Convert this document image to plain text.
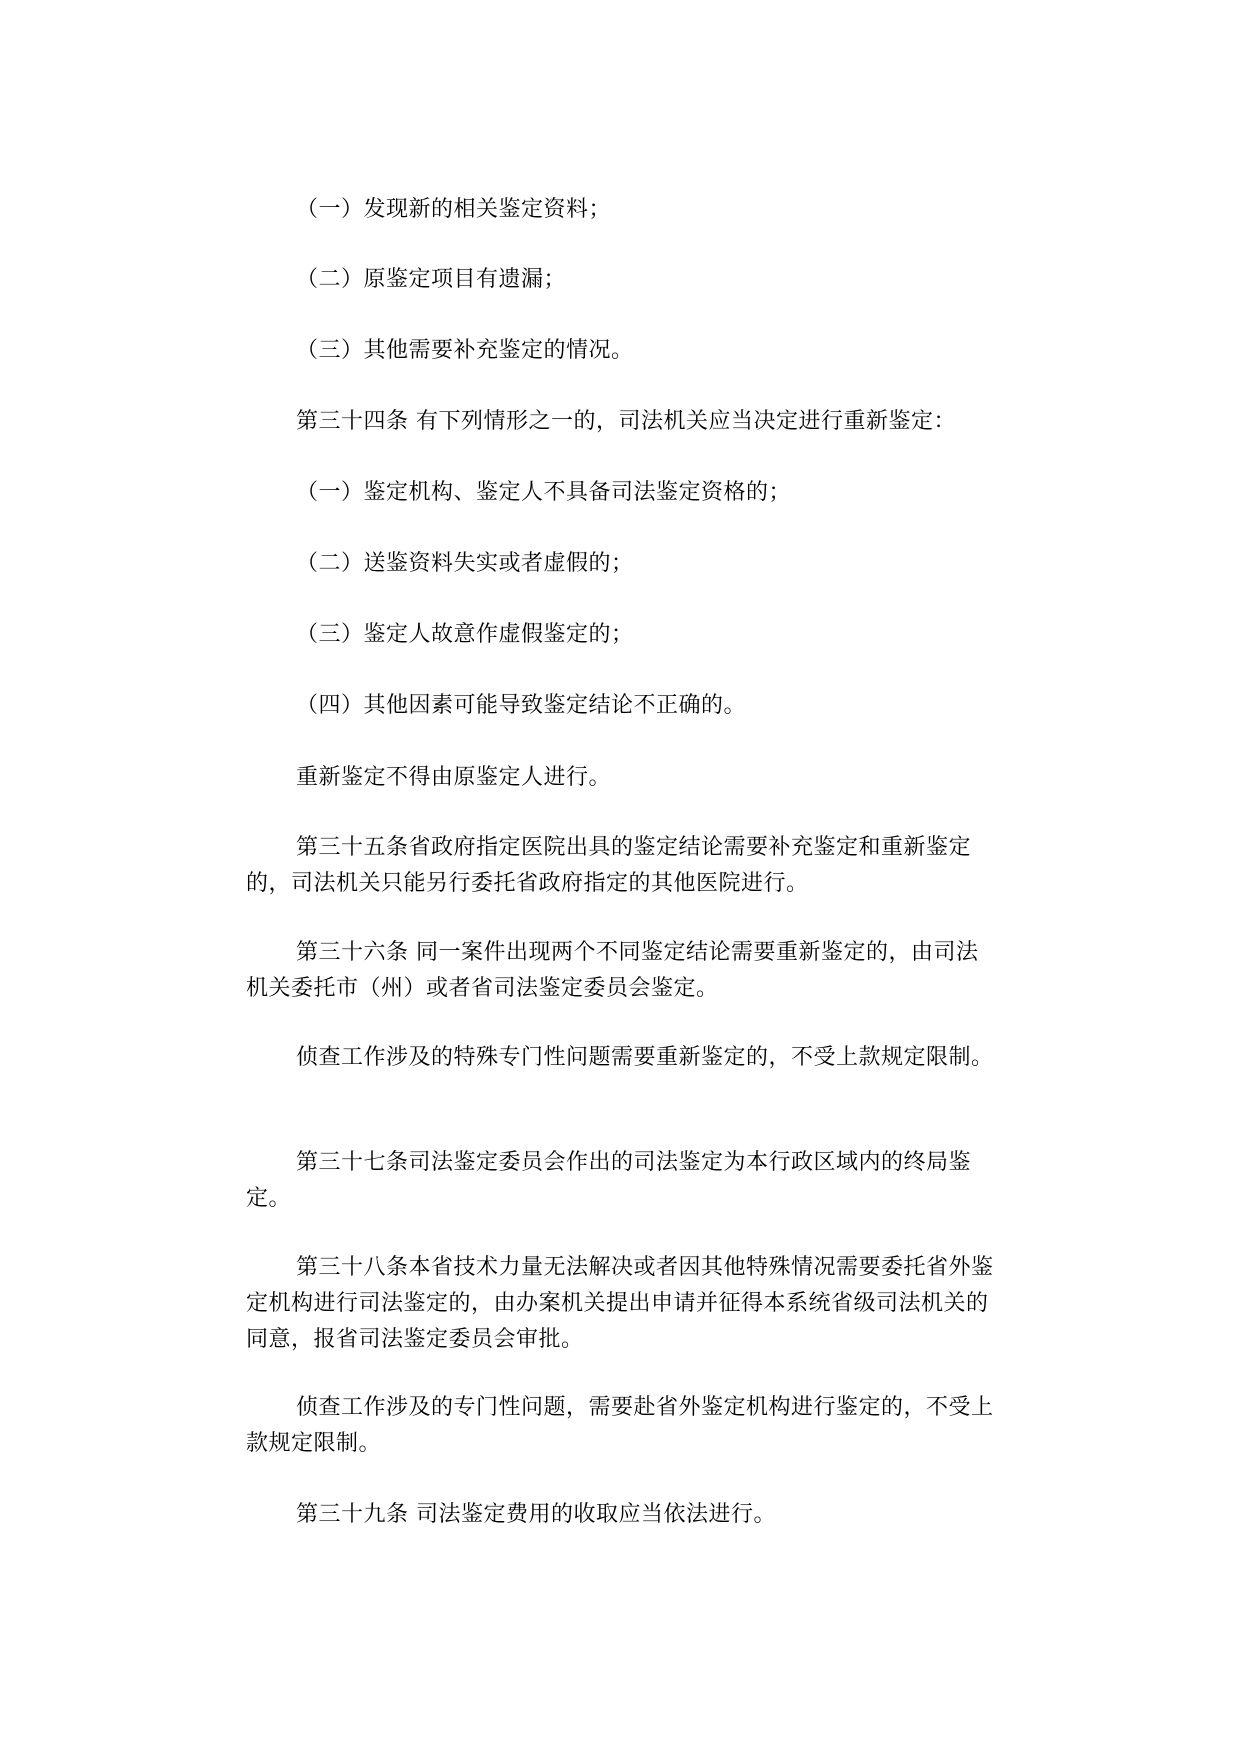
（一）发现新的相关鉴定资料；

（二）原鉴定项目有遗漏；

（三）其他需要补充鉴定的情况。

第三十四条 有下列情形之一的，司法机关应当决定进行重新鉴定：

（一）鉴定机构、鉴定人不具备司法鉴定资格的；

（二）送鉴资料失实或者虚假的；

（三）鉴定人故意作虚假鉴定的；

（四）其他因素可能导致鉴定结论不正确的。

重新鉴定不得由原鉴定人进行。

第三十五条省政府指定医院出具的鉴定结论需要补充鉴定和重新鉴定的，司法机关只能另行委托省政府指定的其他医院进行。

第三十六条 同一案件出现两个不同鉴定结论需要重新鉴定的，由司法机关委托市（州）或者省司法鉴定委员会鉴定。

侦查工作涉及的特殊专门性问题需要重新鉴定的，不受上款规定限制。

第三十七条司法鉴定委员会作出的司法鉴定为本行政区域内的终局鉴定。

第三十八条本省技术力量无法解决或者因其他特殊情况需要委托省外鉴定机构进行司法鉴定的，由办案机关提出申请并征得本系统省级司法机关的同意，报省司法鉴定委员会审批。

侦查工作涉及的专门性问题，需要赴省外鉴定机构进行鉴定的，不受上款规定限制。

第三十九条 司法鉴定费用的收取应当依法进行。
